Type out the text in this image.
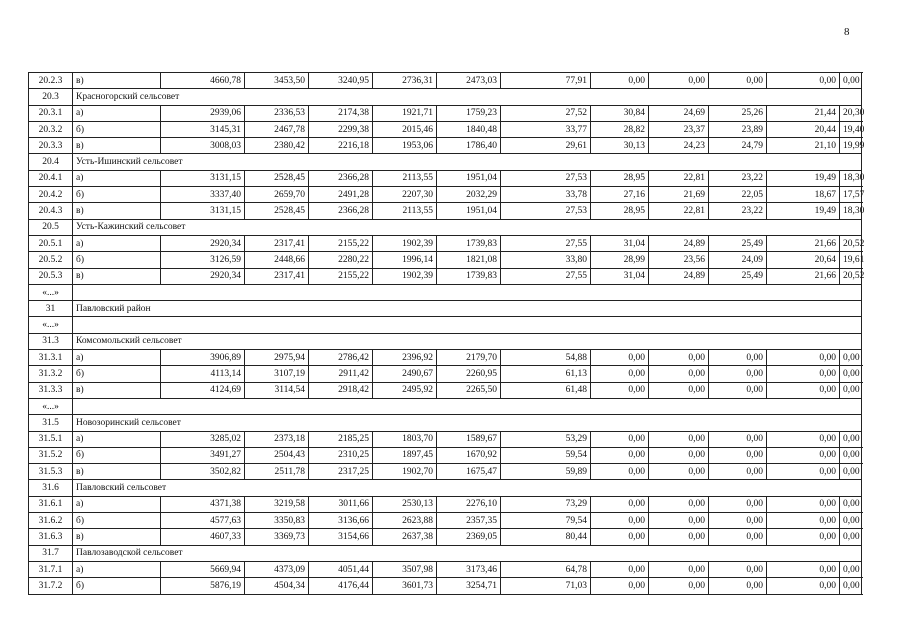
8
20.2.3	в)	4660,78	3453,50	3240,95	2736,31	2473,03	77,91	0,00	0,00	0,00	0,00	0,00
20.3	Красногорский сельсовет											
20.3.1	а)	2939,06	2336,53	2174,38	1921,71	1759,23	27,52	30,84	24,69	25,26	21,44	20,30
20.3.2	б)	3145,31	2467,78	2299,38	2015,46	1840,48	33,77	28,82	23,37	23,89	20,44	19,40
20.3.3	в)	3008,03	2380,42	2216,18	1953,06	1786,40	29,61	30,13	24,23	24,79	21,10	19,99
20.4	Усть-Ишинский сельсовет											
20.4.1	а)	3131,15	2528,45	2366,28	2113,55	1951,04	27,53	28,95	22,81	23,22	19,49	18,30
20.4.2	б)	3337,40	2659,70	2491,28	2207,30	2032,29	33,78	27,16	21,69	22,05	18,67	17,57
20.4.3	в)	3131,15	2528,45	2366,28	2113,55	1951,04	27,53	28,95	22,81	23,22	19,49	18,30
20.5	Усть-Кажинский сельсовет											
20.5.1	а)	2920,34	2317,41	2155,22	1902,39	1739,83	27,55	31,04	24,89	25,49	21,66	20,52
20.5.2	б)	3126,59	2448,66	2280,22	1996,14	1821,08	33,80	28,99	23,56	24,09	20,64	19,61
20.5.3	в)	2920,34	2317,41	2155,22	1902,39	1739,83	27,55	31,04	24,89	25,49	21,66	20,52
«...»												
31	Павловский район											
«...»												
31.3	Комсомольский сельсовет											
31.3.1	а)	3906,89	2975,94	2786,42	2396,92	2179,70	54,88	0,00	0,00	0,00	0,00	0,00
31.3.2	б)	4113,14	3107,19	2911,42	2490,67	2260,95	61,13	0,00	0,00	0,00	0,00	0,00
31.3.3	в)	4124,69	3114,54	2918,42	2495,92	2265,50	61,48	0,00	0,00	0,00	0,00	0,00
«...»												
31.5	Новозоринский сельсовет											
31.5.1	а)	3285,02	2373,18	2185,25	1803,70	1589,67	53,29	0,00	0,00	0,00	0,00	0,00
31.5.2	б)	3491,27	2504,43	2310,25	1897,45	1670,92	59,54	0,00	0,00	0,00	0,00	0,00
31.5.3	в)	3502,82	2511,78	2317,25	1902,70	1675,47	59,89	0,00	0,00	0,00	0,00	0,00
31.6	Павловский сельсовет											
31.6.1	а)	4371,38	3219,58	3011,66	2530,13	2276,10	73,29	0,00	0,00	0,00	0,00	0,00
31.6.2	б)	4577,63	3350,83	3136,66	2623,88	2357,35	79,54	0,00	0,00	0,00	0,00	0,00
31.6.3	в)	4607,33	3369,73	3154,66	2637,38	2369,05	80,44	0,00	0,00	0,00	0,00	0,00
31.7	Павлозаводской сельсовет											
31.7.1	а)	5669,94	4373,09	4051,44	3507,98	3173,46	64,78	0,00	0,00	0,00	0,00	0,00
31.7.2	б)	5876,19	4504,34	4176,44	3601,73	3254,71	71,03	0,00	0,00	0,00	0,00	0,00
